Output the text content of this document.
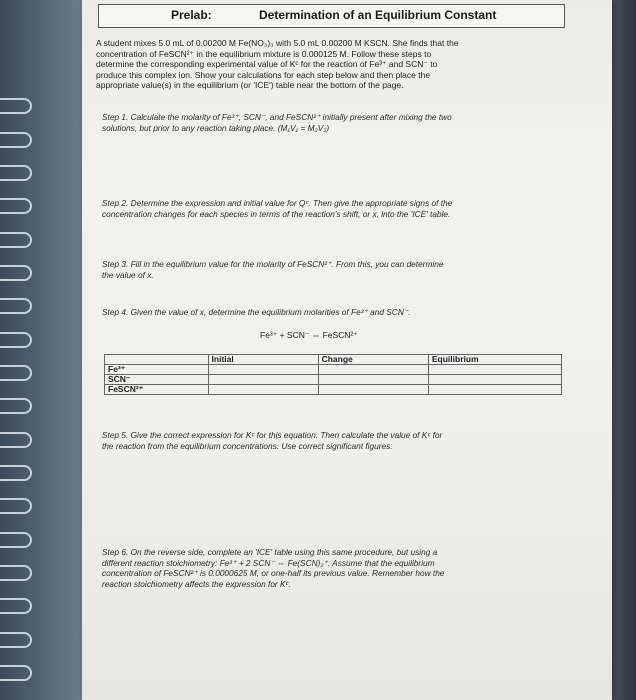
Prelab:	Determination of an Equilibrium Constant
A student mixes 5.0 mL of 0.00200 M Fe(NO₃)₃ with 5.0 mL 0.00200 M KSCN. She finds that the
concentration of FeSCN²⁺ in the equilibrium mixture is 0.000125 M. Follow these steps to
determine the corresponding experimental value of Kᶜ for the reaction of Fe³⁺ and SCN⁻ to
produce this complex ion. Show your calculations for each step below and then place the
appropriate value(s) in the equilibrium (or 'ICE') table near the bottom of the page.
Step 1. Calculate the molarity of Fe³⁺, SCN⁻, and FeSCN²⁺ initially present after mixing the two
solutions, but prior to any reaction taking place. (M₁V₁ = M₂V₂)
Step 2. Determine the expression and initial value for Qᶜ. Then give the appropriate signs of the
concentration changes for each species in terms of the reaction's shift, or x, into the 'ICE' table.
Step 3. Fill in the equilibrium value for the molarity of FeSCN²⁺. From this, you can determine
the value of x.
Step 4. Given the value of x, determine the equilibrium molarities of Fe³⁺ and SCN⁻.
Fe³⁺ + SCN⁻ ⇔ FeSCN²⁺
	Initial	Change	Equilibrium
Fe³⁺			
SCN⁻			
FeSCN²⁺			
Step 5. Give the correct expression for Kᶜ for this equation. Then calculate the value of Kᶜ for
the reaction from the equilibrium concentrations. Use correct significant figures.
Step 6. On the reverse side, complete an 'ICE' table using this same procedure, but using a
different reaction stoichiometry: Fe³⁺ + 2 SCN⁻ ⇔ Fe(SCN)₂⁺. Assume that the equilibrium
concentration of FeSCN²⁺ is 0.0000625 M, or one-half its previous value. Remember how the
reaction stoichiometry affects the expression for Kᶜ.
